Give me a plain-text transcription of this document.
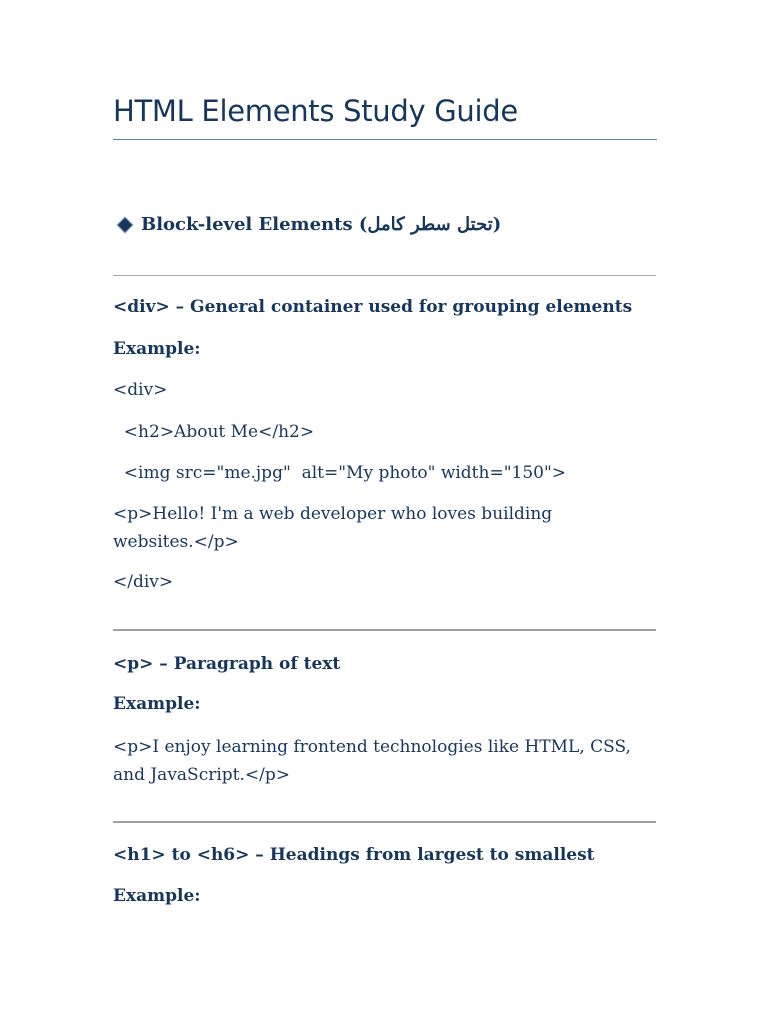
HTML Elements Study Guide
Block-level Elements (تحتل سطر كامل)
<div> – General container used for grouping elements
Example:
<div>
<h2>About Me</h2>
<img src="me.jpg"  alt="My photo" width="150">
<p>Hello! I'm a web developer who loves building websites.</p>
</div>
<p> – Paragraph of text
Example:
<p>I enjoy learning frontend technologies like HTML, CSS, and JavaScript.</p>
<h1> to <h6> – Headings from largest to smallest
Example:
